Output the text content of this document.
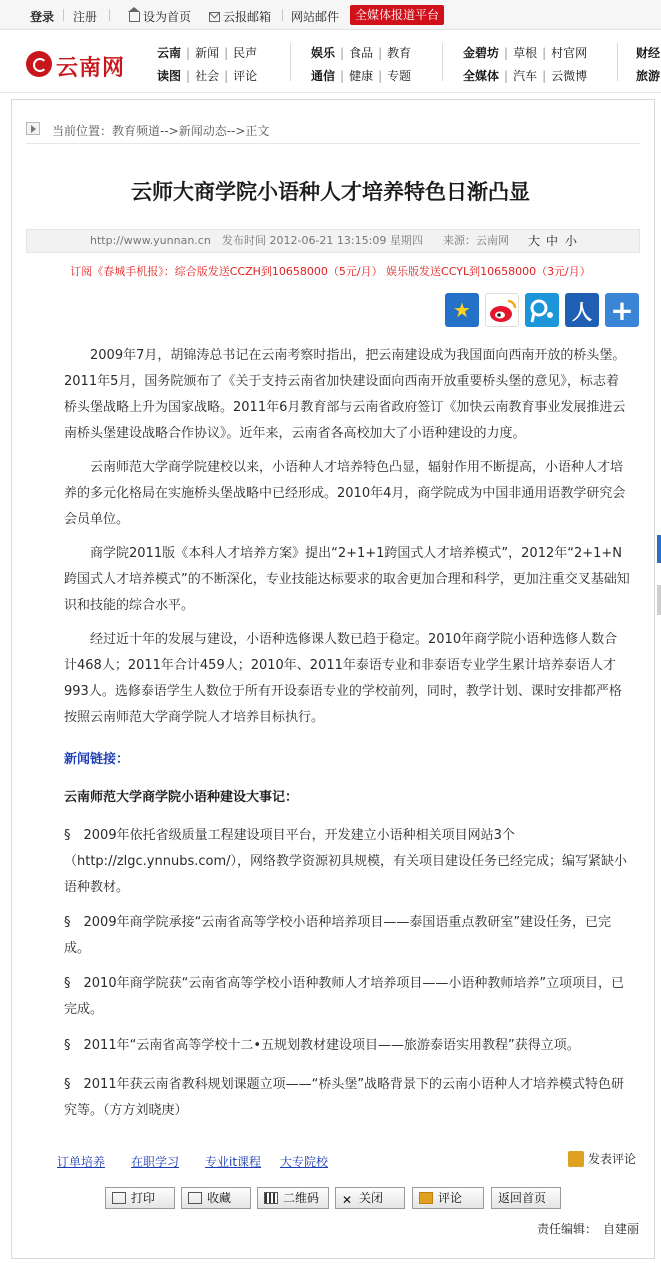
登录 注册	设为首页	云报邮箱 网站邮件	全媒体报道平台
云南网
云南 | 新闻 | 民声
读图 | 社会 | 评论
娱乐 | 食品 | 教育
通信 | 健康 | 专题
金碧坊 | 草根 | 村官网
全媒体 | 汽车 | 云微博
财经
旅游
当前位置：教育频道-->新闻动态-->正文
云师大商学院小语种人才培养特色日渐凸显
http://www.yunnan.cn 发布时间 2012-06-21 13:15:09 星期四 来源：云南网 大 中 小
订阅《春城手机报》：综合版发送CCZH到10658000（5元/月） 娱乐版发送CCYL到10658000（3元/月）
★	人 +
2009年7月，胡锦涛总书记在云南考察时指出，把云南建设成为我国面向西南开放的桥头堡。2011年5月，国务院颁布了《关于支持云南省加快建设面向西南开放重要桥头堡的意见》，标志着桥头堡战略上升为国家战略。2011年6月教育部与云南省政府签订《加快云南教育事业发展推进云南桥头堡建设战略合作协议》。近年来，云南省各高校加大了小语种建设的力度。
云南师范大学商学院建校以来，小语种人才培养特色凸显，辐射作用不断提高，小语种人才培养的多元化格局在实施桥头堡战略中已经形成。2010年4月，商学院成为中国非通用语教学研究会会员单位。
商学院2011版《本科人才培养方案》提出“2+1+1跨国式人才培养模式”，2012年“2+1+N跨国式人才培养模式”的不断深化，专业技能达标要求的取舍更加合理和科学，更加注重交叉基础知识和技能的综合水平。
经过近十年的发展与建设，小语种选修课人数已趋于稳定。2010年商学院小语种选修人数合计468人；2011年合计459人；2010年、2011年泰语专业和非泰语专业学生累计培养泰语人才993人。选修泰语学生人数位于所有开设泰语专业的学校前列，同时，教学计划、课时安排都严格按照云南师范大学商学院人才培养目标执行。
新闻链接：
云南师范大学商学院小语种建设大事记：
§　2009年依托省级质量工程建设项目平台，开发建立小语种相关项目网站3个（http://zlgc.ynnubs.com/），网络教学资源初具规模，有关项目建设任务已经完成；编写紧缺小语种教材。
§　2009年商学院承接“云南省高等学校小语种培养项目——泰国语重点教研室”建设任务，已完成。
§　2010年商学院获“云南省高等学校小语种教师人才培养项目——小语种教师培养”立项项目，已完成。
§　2011年“云南省高等学校十二•五规划教材建设项目——旅游泰语实用教程”获得立项。
§　2011年获云南省教科规划课题立项——“桥头堡”战略背景下的云南小语种人才培养模式特色研究等。（方方刘晓庚）
订单培养 在职学习 专业it课程 大专院校	发表评论
打印	收藏	二维码	✕ 关闭	评论	返回首页
责任编辑：　自建丽
